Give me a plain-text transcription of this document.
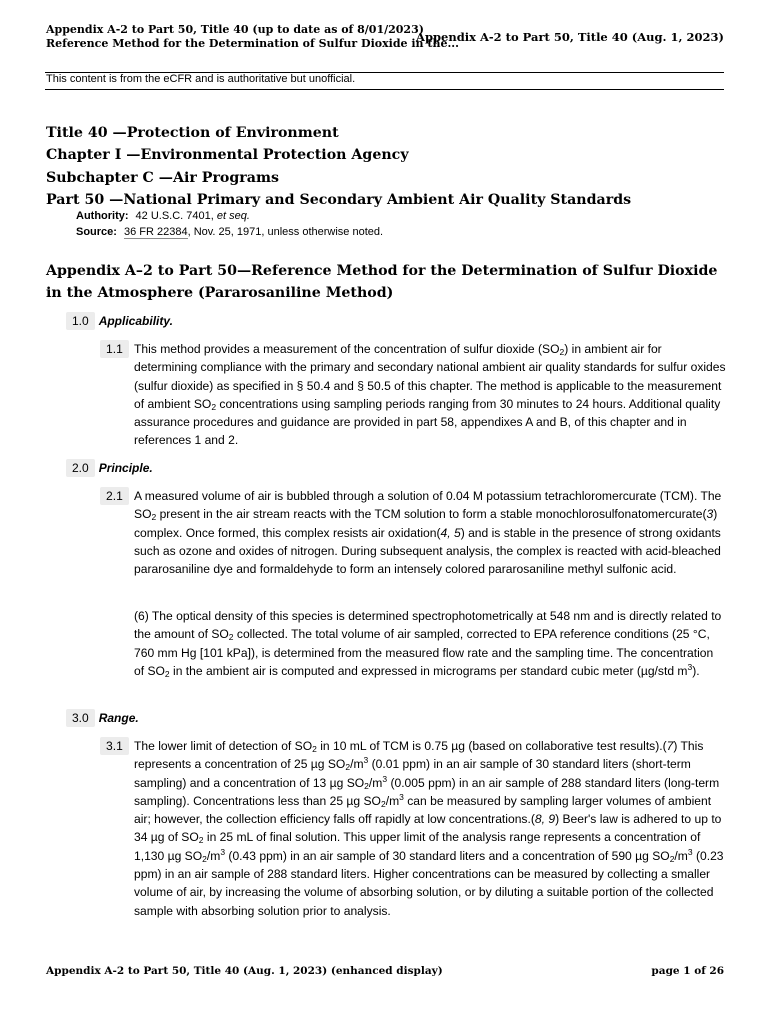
Appendix A-2 to Part 50, Title 40 (up to date as of 8/01/2023)
Reference Method for the Determination of Sulfur Dioxide in the...
Appendix A-2 to Part 50, Title 40 (Aug. 1, 2023)
This content is from the eCFR and is authoritative but unofficial.
Title 40 —Protection of Environment
Chapter I —Environmental Protection Agency
Subchapter C —Air Programs
Part 50 —National Primary and Secondary Ambient Air Quality Standards
Authority: 42 U.S.C. 7401, et seq.
Source: 36 FR 22384, Nov. 25, 1971, unless otherwise noted.
Appendix A–2 to Part 50—Reference Method for the Determination of Sulfur Dioxide in the Atmosphere (Pararosaniline Method)
1.0 Applicability.
1.1 This method provides a measurement of the concentration of sulfur dioxide $(SO_2)$ in ambient air for determining compliance with the primary and secondary national ambient air quality standards for sulfur oxides (sulfur dioxide) as specified in § 50.4 and § 50.5 of this chapter. The method is applicable to the measurement of ambient $SO_2$ concentrations using sampling periods ranging from 30 minutes to 24 hours. Additional quality assurance procedures and guidance are provided in part 58, appendixes A and B, of this chapter and in references 1 and 2.
2.0 Principle.
2.1 A measured volume of air is bubbled through a solution of 0.04 M potassium tetrachloromercurate (TCM). The $SO_2$ present in the air stream reacts with the TCM solution to form a stable monochlorosulfonatomercurate(3) complex. Once formed, this complex resists air oxidation(4, 5) and is stable in the presence of strong oxidants such as ozone and oxides of nitrogen. During subsequent analysis, the complex is reacted with acid-bleached pararosaniline dye and formaldehyde to form an intensely colored pararosaniline methyl sulfonic acid.
(6) The optical density of this species is determined spectrophotometrically at 548 nm and is directly related to the amount of $SO_2$ collected. The total volume of air sampled, corrected to EPA reference conditions (25 °C, 760 mm Hg [101 kPa]), is determined from the measured flow rate and the sampling time. The concentration of $SO_2$ in the ambient air is computed and expressed in micrograms per standard cubic meter (µg/std $m^3$).
3.0 Range.
3.1 The lower limit of detection of $SO_2$ in 10 mL of TCM is 0.75 µg (based on collaborative test results).(7) This represents a concentration of 25 µg $SO_2/m^3$ (0.01 ppm) in an air sample of 30 standard liters (short-term sampling) and a concentration of 13 µg $SO_2/m^3$ (0.005 ppm) in an air sample of 288 standard liters (long-term sampling). Concentrations less than 25 µg $SO_2/m^3$ can be measured by sampling larger volumes of ambient air; however, the collection efficiency falls off rapidly at low concentrations.(8, 9) Beer's law is adhered to up to 34 µg of $SO_2$ in 25 mL of final solution. This upper limit of the analysis range represents a concentration of 1,130 µg $SO_2/m^3$ (0.43 ppm) in an air sample of 30 standard liters and a concentration of 590 µg $SO_2/m^3$ (0.23 ppm) in an air sample of 288 standard liters. Higher concentrations can be measured by collecting a smaller volume of air, by increasing the volume of absorbing solution, or by diluting a suitable portion of the collected sample with absorbing solution prior to analysis.
Appendix A-2 to Part 50, Title 40 (Aug. 1, 2023) (enhanced display)	page 1 of 26
